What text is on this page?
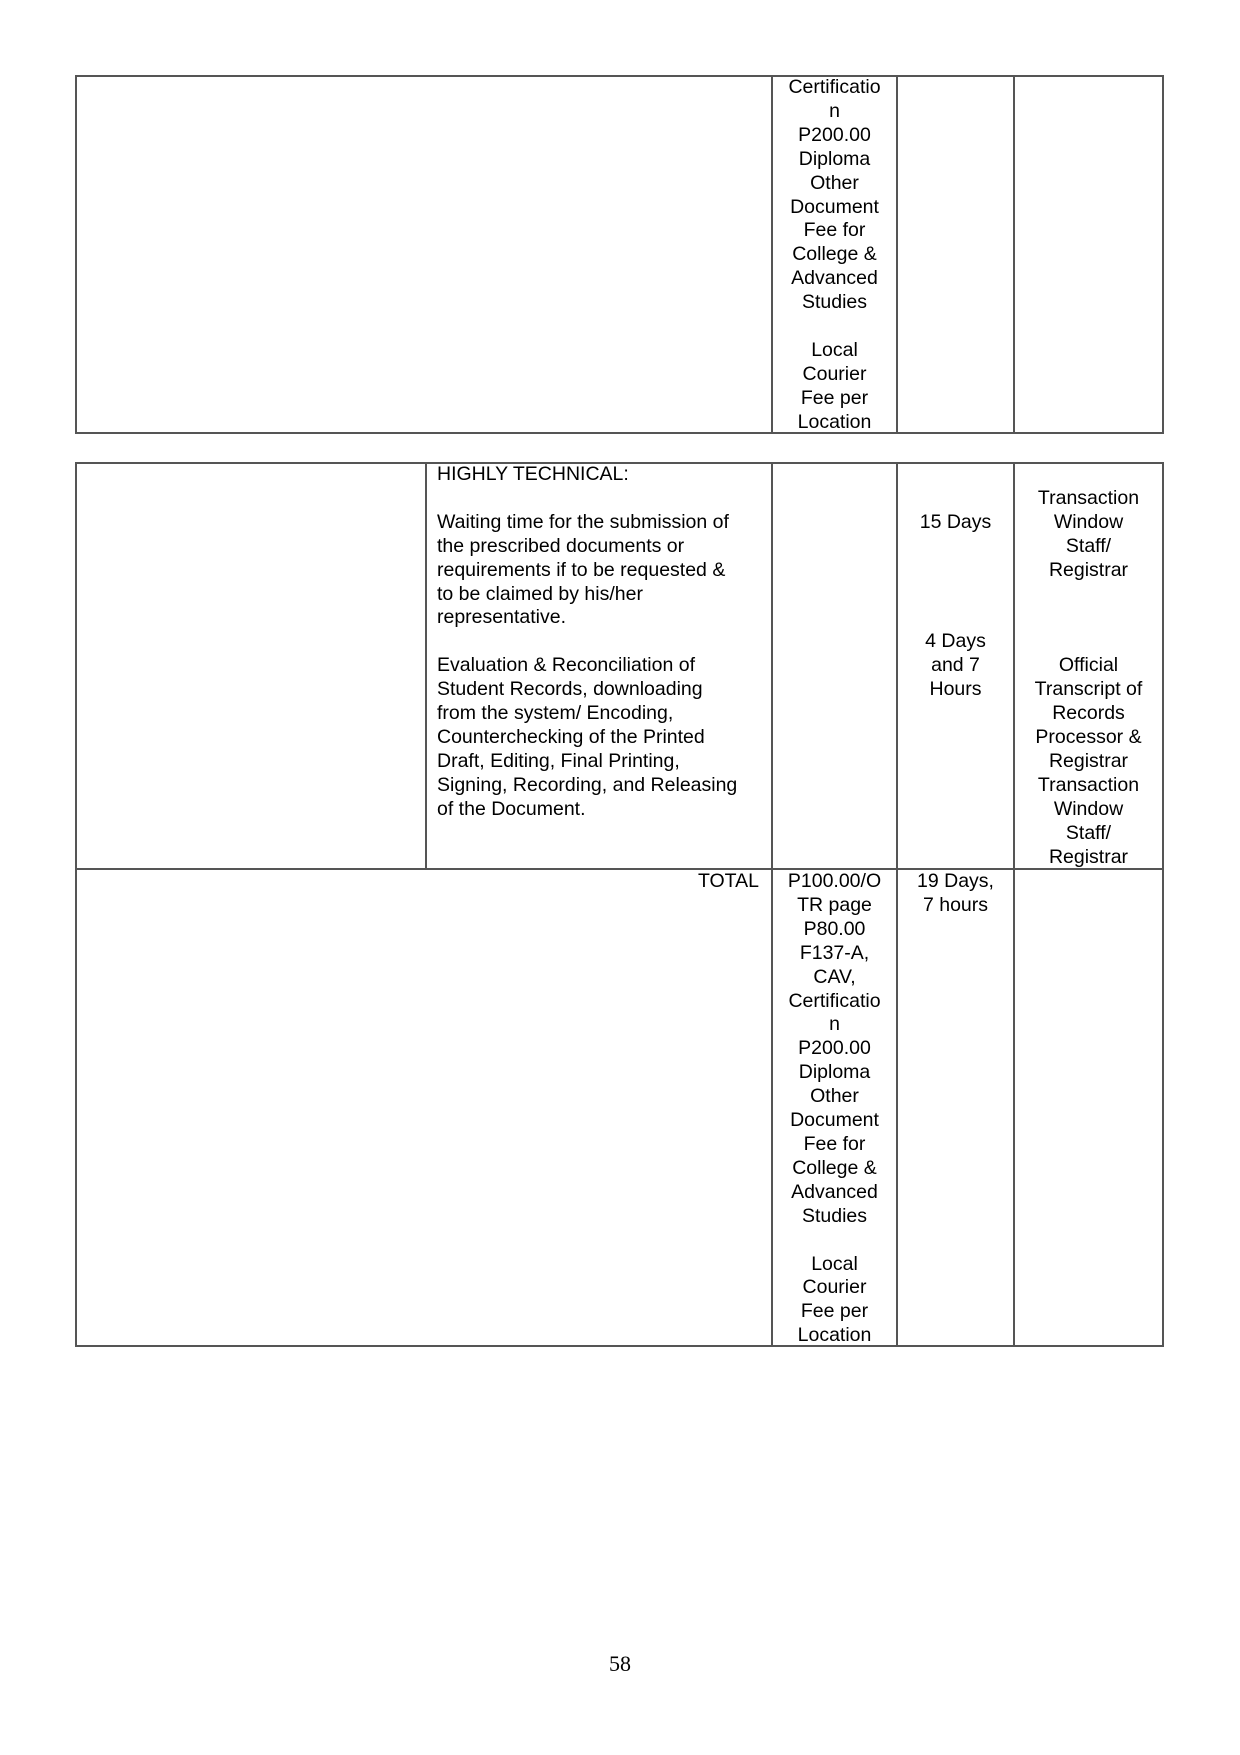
Certificatio
n
P200.00
Diploma
Other
Document
Fee for
College &
Advanced
Studies

Local
Courier
Fee per
Location
HIGHLY TECHNICAL:

Waiting time for the submission of
the prescribed documents or
requirements if to be requested &
to be claimed by his/her
representative.

Evaluation & Reconciliation of
Student Records, downloading
from the system/ Encoding,
Counterchecking of the Printed
Draft, Editing, Final Printing,
Signing, Recording, and Releasing
of the Document.

15 Days

4 Days
and 7
Hours

Transaction
Window
Staff/
Registrar

Official
Transcript of
Records
Processor &
Registrar
Transaction
Window
Staff/
Registrar
TOTAL	P100.00/O
TR page
P80.00
F137-A,
CAV,
Certificatio
n
P200.00
Diploma
Other
Document
Fee for
College &
Advanced
Studies

Local
Courier
Fee per
Location
19 Days,
7 hours
58
